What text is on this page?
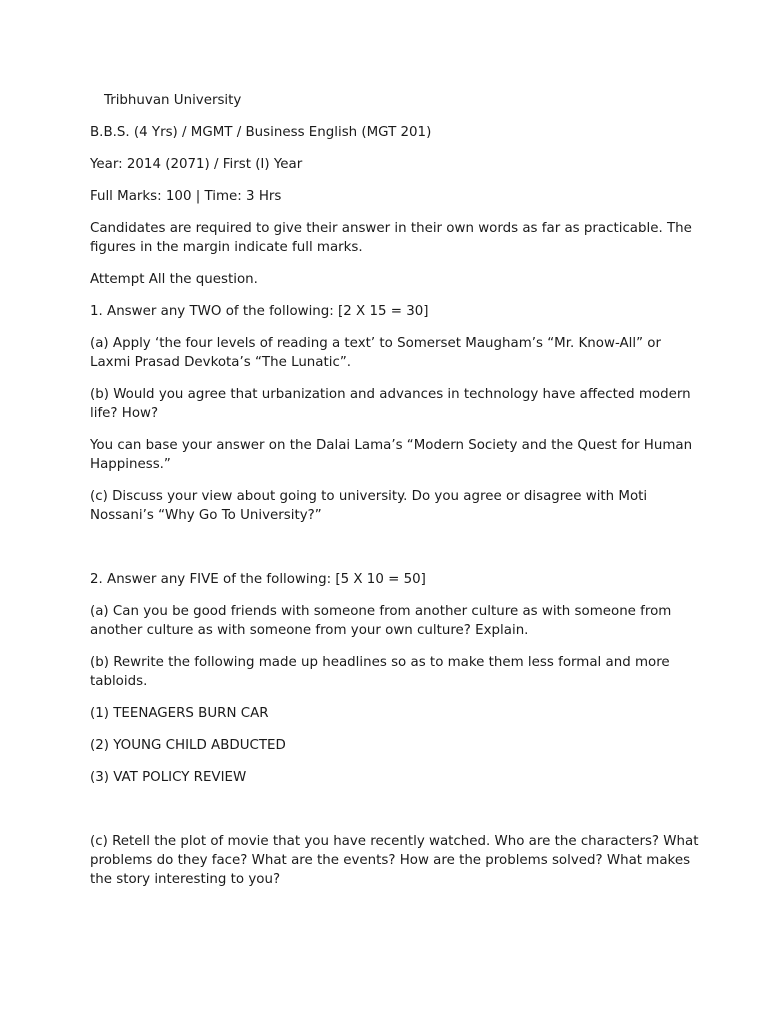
Tribhuvan University

B.B.S. (4 Yrs) / MGMT / Business English (MGT 201)

Year: 2014 (2071) / First (I) Year

Full Marks: 100 | Time: 3 Hrs

Candidates are required to give their answer in their own words as far as practicable. The figures in the margin indicate full marks.

Attempt All the question.

1. Answer any TWO of the following: [2 X 15 = 30]

(a) Apply ‘the four levels of reading a text’ to Somerset Maugham’s “Mr. Know-All” or Laxmi Prasad Devkota’s “The Lunatic”.

(b) Would you agree that urbanization and advances in technology have affected modern life? How?

You can base your answer on the Dalai Lama’s “Modern Society and the Quest for Human Happiness.”

(c) Discuss your view about going to university. Do you agree or disagree with Moti Nossani’s “Why Go To University?”

2. Answer any FIVE of the following: [5 X 10 = 50]

(a) Can you be good friends with someone from another culture as with someone from another culture as with someone from your own culture? Explain.

(b) Rewrite the following made up headlines so as to make them less formal and more tabloids.

(1) TEENAGERS BURN CAR

(2) YOUNG CHILD ABDUCTED

(3) VAT POLICY REVIEW

(c) Retell the plot of movie that you have recently watched. Who are the characters? What problems do they face? What are the events? How are the problems solved? What makes the story interesting to you?
